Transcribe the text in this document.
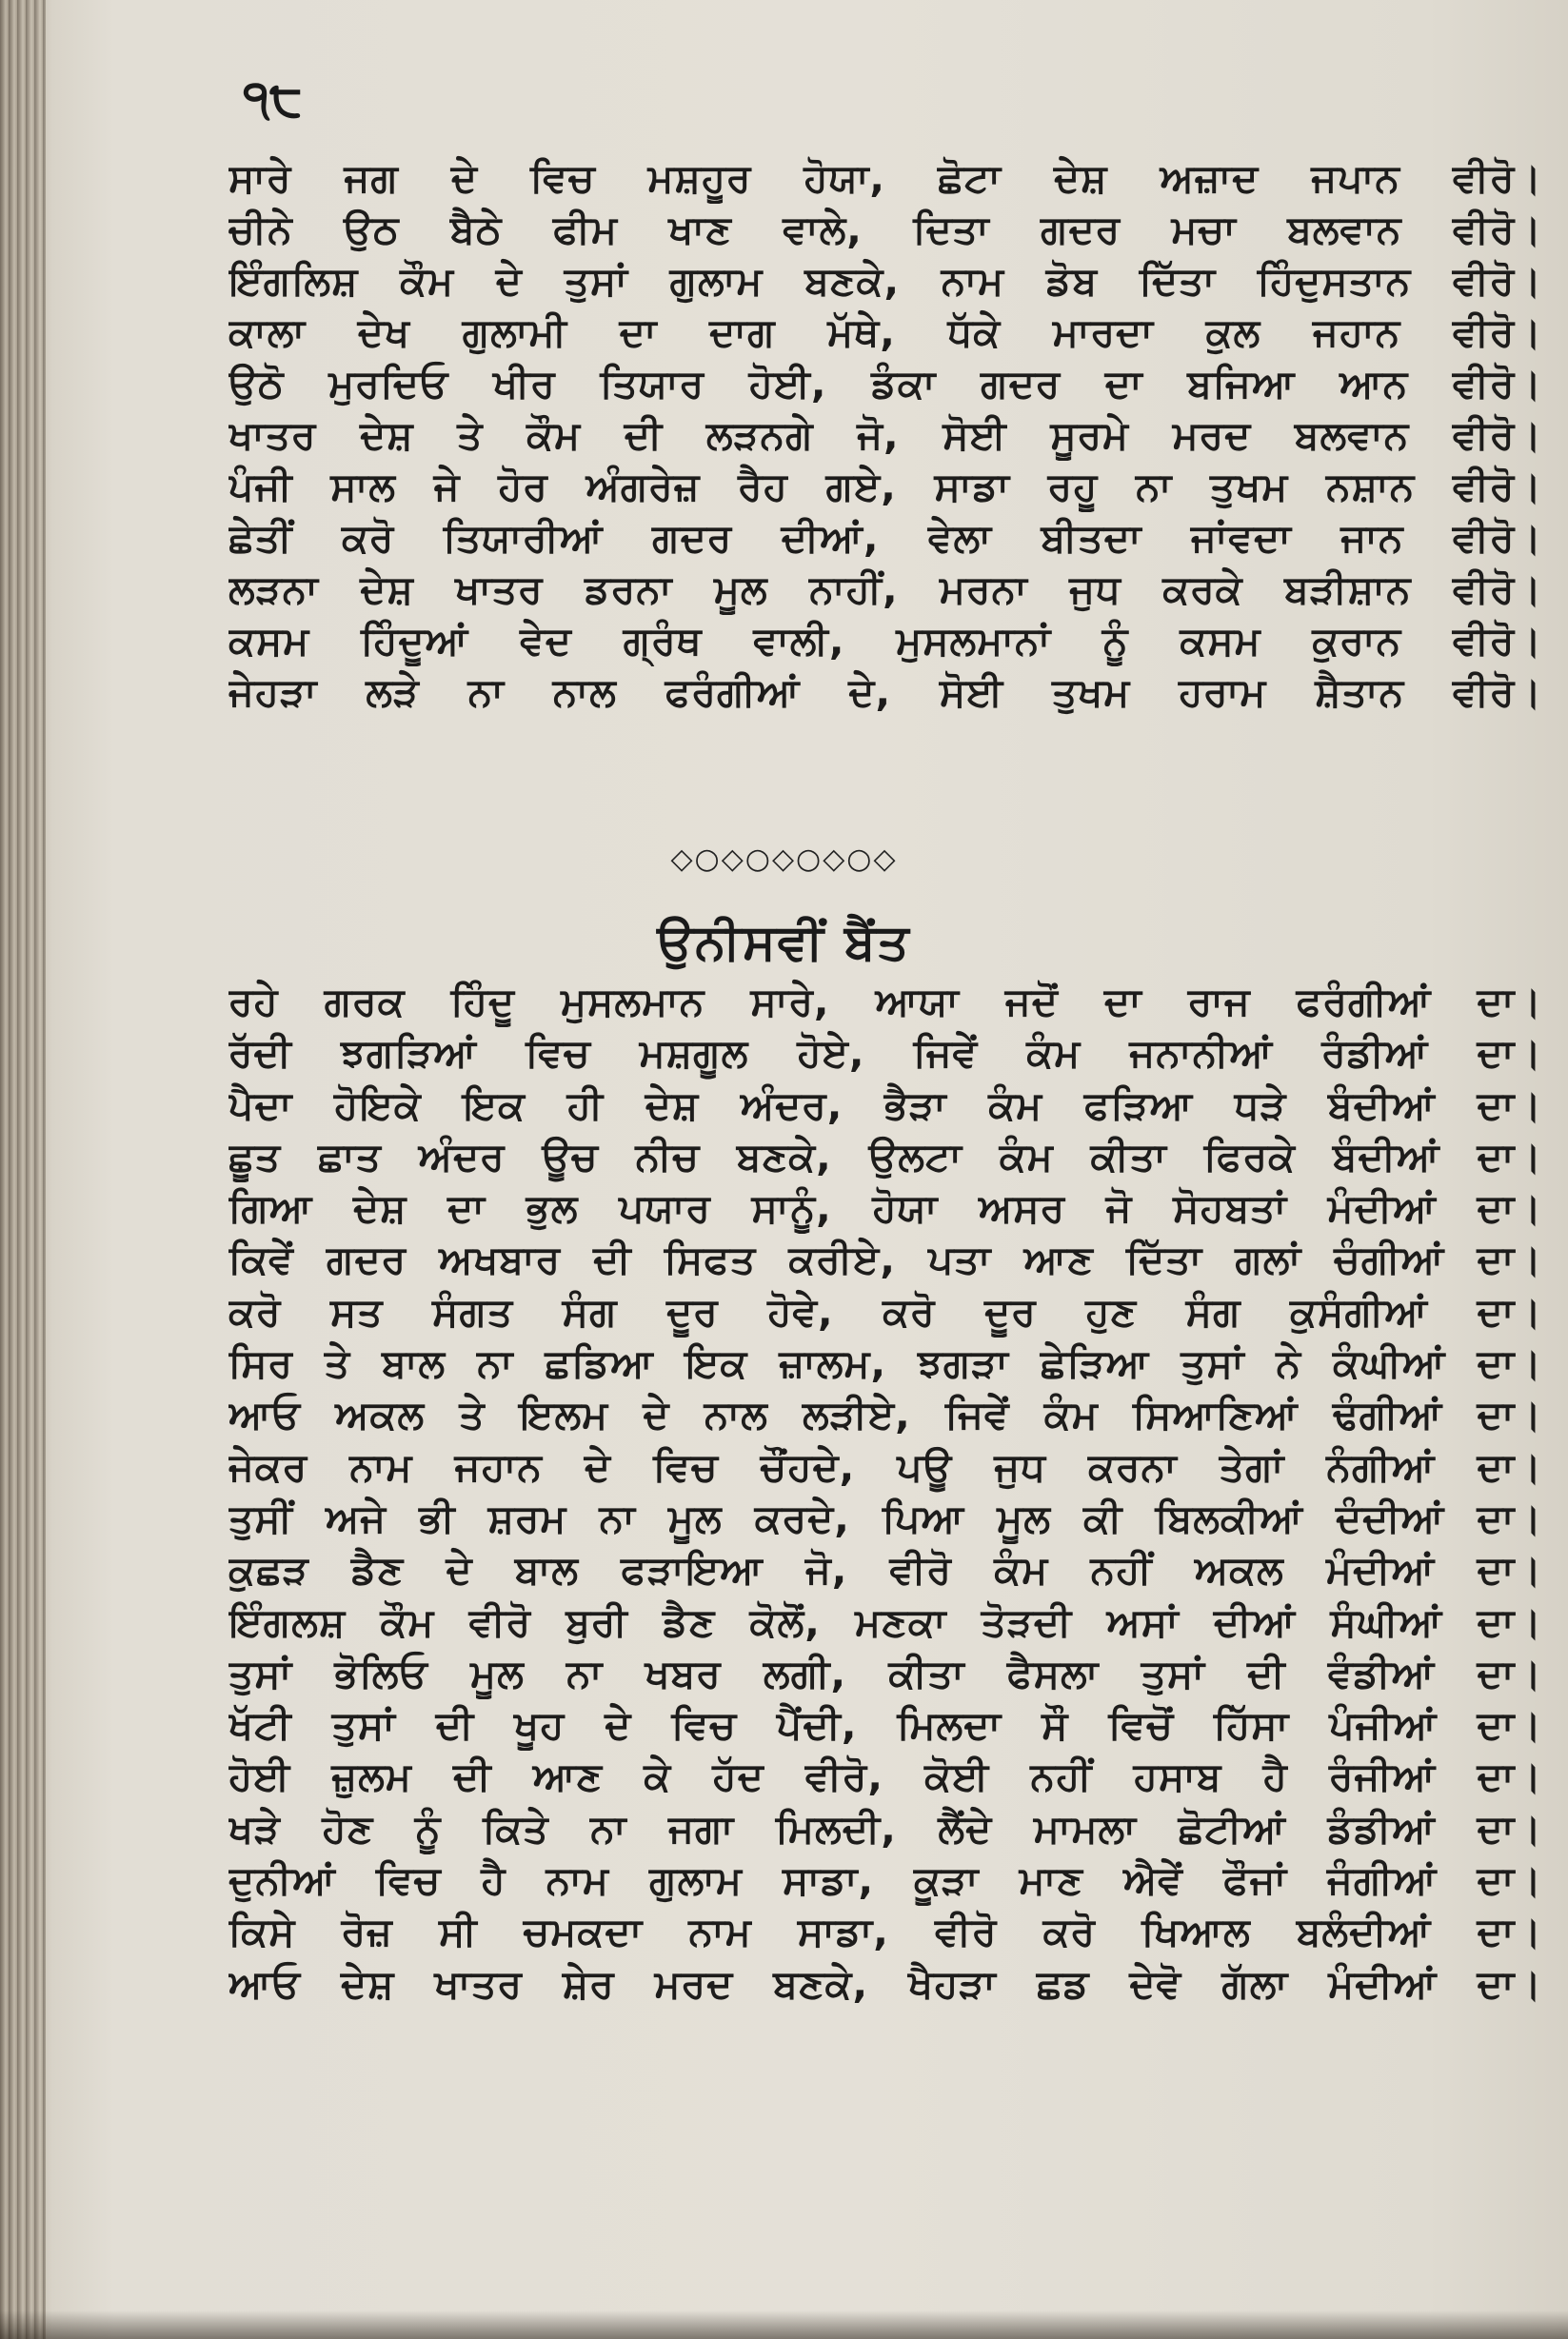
੧੮
ਸਾਰੇ ਜਗ ਦੇ ਵਿਚ ਮਸ਼ਹੂਰ ਹੋਯਾ, ਛੋਟਾ ਦੇਸ਼ ਅਜ਼ਾਦ ਜਪਾਨ ਵੀਰੋ।
ਚੀਨੇ ਉਠ ਬੈਠੇ ਫੀਮ ਖਾਣ ਵਾਲੇ, ਦਿਤਾ ਗਦਰ ਮਚਾ ਬਲਵਾਨ ਵੀਰੋ।
ਇੰਗਲਿਸ਼ ਕੌਮ ਦੇ ਤੁਸਾਂ ਗੁਲਾਮ ਬਣਕੇ, ਨਾਮ ਡੋਬ ਦਿੱਤਾ ਹਿੰਦੁਸਤਾਨ ਵੀਰੋ।
ਕਾਲਾ ਦੇਖ ਗੁਲਾਮੀ ਦਾ ਦਾਗ ਮੱਥੇ, ਧੱਕੇ ਮਾਰਦਾ ਕੁਲ ਜਹਾਨ ਵੀਰੋ।
ਉਠੋ ਮੁਰਦਿਓ ਖੀਰ ਤਿਯਾਰ ਹੋਈ, ਡੰਕਾ ਗਦਰ ਦਾ ਬਜਿਆ ਆਨ ਵੀਰੋ।
ਖਾਤਰ ਦੇਸ਼ ਤੇ ਕੌਮ ਦੀ ਲੜਨਗੇ ਜੋ, ਸੋਈ ਸੂਰਮੇ ਮਰਦ ਬਲਵਾਨ ਵੀਰੋ।
ਪੰਜੀ ਸਾਲ ਜੇ ਹੋਰ ਅੰਗਰੇਜ਼ ਰੈਹ ਗਏ, ਸਾਡਾ ਰਹੂ ਨਾ ਤੁਖਮ ਨਸ਼ਾਨ ਵੀਰੋ।
ਛੇਤੀਂ ਕਰੋ ਤਿਯਾਰੀਆਂ ਗਦਰ ਦੀਆਂ, ਵੇਲਾ ਬੀਤਦਾ ਜਾਂਵਦਾ ਜਾਨ ਵੀਰੋ।
ਲੜਨਾ ਦੇਸ਼ ਖਾਤਰ ਡਰਨਾ ਮੂਲ ਨਾਹੀਂ, ਮਰਨਾ ਜੁਧ ਕਰਕੇ ਬੜੀਸ਼ਾਨ ਵੀਰੋ।
ਕਸਮ ਹਿੰਦੂਆਂ ਵੇਦ ਗ੍ਰੰਥ ਵਾਲੀ, ਮੁਸਲਮਾਨਾਂ ਨੂੰ ਕਸਮ ਕੁਰਾਨ ਵੀਰੋ।
ਜੇਹੜਾ ਲੜੇ ਨਾ ਨਾਲ ਫਰੰਗੀਆਂ ਦੇ, ਸੋਈ ਤੁਖਮ ਹਰਾਮ ਸ਼ੈਤਾਨ ਵੀਰੋ।
◇○◇○◇○◇○◇
ਉਨੀਸਵੀਂ ਬੈਂਤ
ਰਹੇ ਗਰਕ ਹਿੰਦੂ ਮੁਸਲਮਾਨ ਸਾਰੇ, ਆਯਾ ਜਦੋਂ ਦਾ ਰਾਜ ਫਰੰਗੀਆਂ ਦਾ।
ਰੱਦੀ ਝਗੜਿਆਂ ਵਿਚ ਮਸ਼ਗੂਲ ਹੋਏ, ਜਿਵੇਂ ਕੰਮ ਜਨਾਨੀਆਂ ਰੰਡੀਆਂ ਦਾ।
ਪੈਦਾ ਹੋਇਕੇ ਇਕ ਹੀ ਦੇਸ਼ ਅੰਦਰ, ਭੈੜਾ ਕੰਮ ਫੜਿਆ ਧੜੇ ਬੰਦੀਆਂ ਦਾ।
ਛੂਤ ਛਾਤ ਅੰਦਰ ਊਚ ਨੀਚ ਬਣਕੇ, ਉਲਟਾ ਕੰਮ ਕੀਤਾ ਫਿਰਕੇ ਬੰਦੀਆਂ ਦਾ।
ਗਿਆ ਦੇਸ਼ ਦਾ ਭੁਲ ਪਯਾਰ ਸਾਨੂੰ, ਹੋਯਾ ਅਸਰ ਜੋ ਸੋਹਬਤਾਂ ਮੰਦੀਆਂ ਦਾ।
ਕਿਵੇਂ ਗਦਰ ਅਖਬਾਰ ਦੀ ਸਿਫਤ ਕਰੀਏ, ਪਤਾ ਆਣ ਦਿੱਤਾ ਗਲਾਂ ਚੰਗੀਆਂ ਦਾ।
ਕਰੋ ਸਤ ਸੰਗਤ ਸੰਗ ਦੂਰ ਹੋਵੇ, ਕਰੋ ਦੂਰ ਹੁਣ ਸੰਗ ਕੁਸੰਗੀਆਂ ਦਾ।
ਸਿਰ ਤੇ ਬਾਲ ਨਾ ਛਡਿਆ ਇਕ ਜ਼ਾਲਮ, ਝਗੜਾ ਛੇੜਿਆ ਤੁਸਾਂ ਨੇ ਕੰਘੀਆਂ ਦਾ।
ਆਓ ਅਕਲ ਤੇ ਇਲਮ ਦੇ ਨਾਲ ਲੜੀਏ, ਜਿਵੇਂ ਕੰਮ ਸਿਆਣਿਆਂ ਢੰਗੀਆਂ ਦਾ।
ਜੇਕਰ ਨਾਮ ਜਹਾਨ ਦੇ ਵਿਚ ਚੌਂਹਦੇ, ਪਊ ਜੁਧ ਕਰਨਾ ਤੇਗਾਂ ਨੰਗੀਆਂ ਦਾ।
ਤੁਸੀਂ ਅਜੇ ਭੀ ਸ਼ਰਮ ਨਾ ਮੂਲ ਕਰਦੇ, ਪਿਆ ਮੂਲ ਕੀ ਬਿਲਕੀਆਂ ਦੰਦੀਆਂ ਦਾ।
ਕੁਛੜ ਡੈਣ ਦੇ ਬਾਲ ਫੜਾਇਆ ਜੋ, ਵੀਰੋ ਕੰਮ ਨਹੀਂ ਅਕਲ ਮੰਦੀਆਂ ਦਾ।
ਇੰਗਲਸ਼ ਕੌਮ ਵੀਰੋ ਬੁਰੀ ਡੈਣ ਕੋਲੋਂ, ਮਣਕਾ ਤੋੜਦੀ ਅਸਾਂ ਦੀਆਂ ਸੰਘੀਆਂ ਦਾ।
ਤੁਸਾਂ ਭੋਲਿਓ ਮੂਲ ਨਾ ਖਬਰ ਲਗੀ, ਕੀਤਾ ਫੈਸਲਾ ਤੁਸਾਂ ਦੀ ਵੰਡੀਆਂ ਦਾ।
ਖੱਟੀ ਤੁਸਾਂ ਦੀ ਖੂਹ ਦੇ ਵਿਚ ਪੈਂਦੀ, ਮਿਲਦਾ ਸੌ ਵਿਚੋਂ ਹਿੱਸਾ ਪੰਜੀਆਂ ਦਾ।
ਹੋਈ ਜ਼ੁਲਮ ਦੀ ਆਣ ਕੇ ਹੱਦ ਵੀਰੋ, ਕੋਈ ਨਹੀਂ ਹਸਾਬ ਹੈ ਰੰਜੀਆਂ ਦਾ।
ਖੜੇ ਹੋਣ ਨੂੰ ਕਿਤੇ ਨਾ ਜਗਾ ਮਿਲਦੀ, ਲੈਂਦੇ ਮਾਮਲਾ ਛੋਟੀਆਂ ਡੰਡੀਆਂ ਦਾ।
ਦੁਨੀਆਂ ਵਿਚ ਹੈ ਨਾਮ ਗੁਲਾਮ ਸਾਡਾ, ਕੂੜਾ ਮਾਣ ਐਵੇਂ ਫੌਜਾਂ ਜੰਗੀਆਂ ਦਾ।
ਕਿਸੇ ਰੋਜ਼ ਸੀ ਚਮਕਦਾ ਨਾਮ ਸਾਡਾ, ਵੀਰੋ ਕਰੋ ਖਿਆਲ ਬਲੰਦੀਆਂ ਦਾ।
ਆਓ ਦੇਸ਼ ਖਾਤਰ ਸ਼ੇਰ ਮਰਦ ਬਣਕੇ, ਖੈਹੜਾ ਛਡ ਦੇਵੋ ਗੱਲਾ ਮੰਦੀਆਂ ਦਾ।
